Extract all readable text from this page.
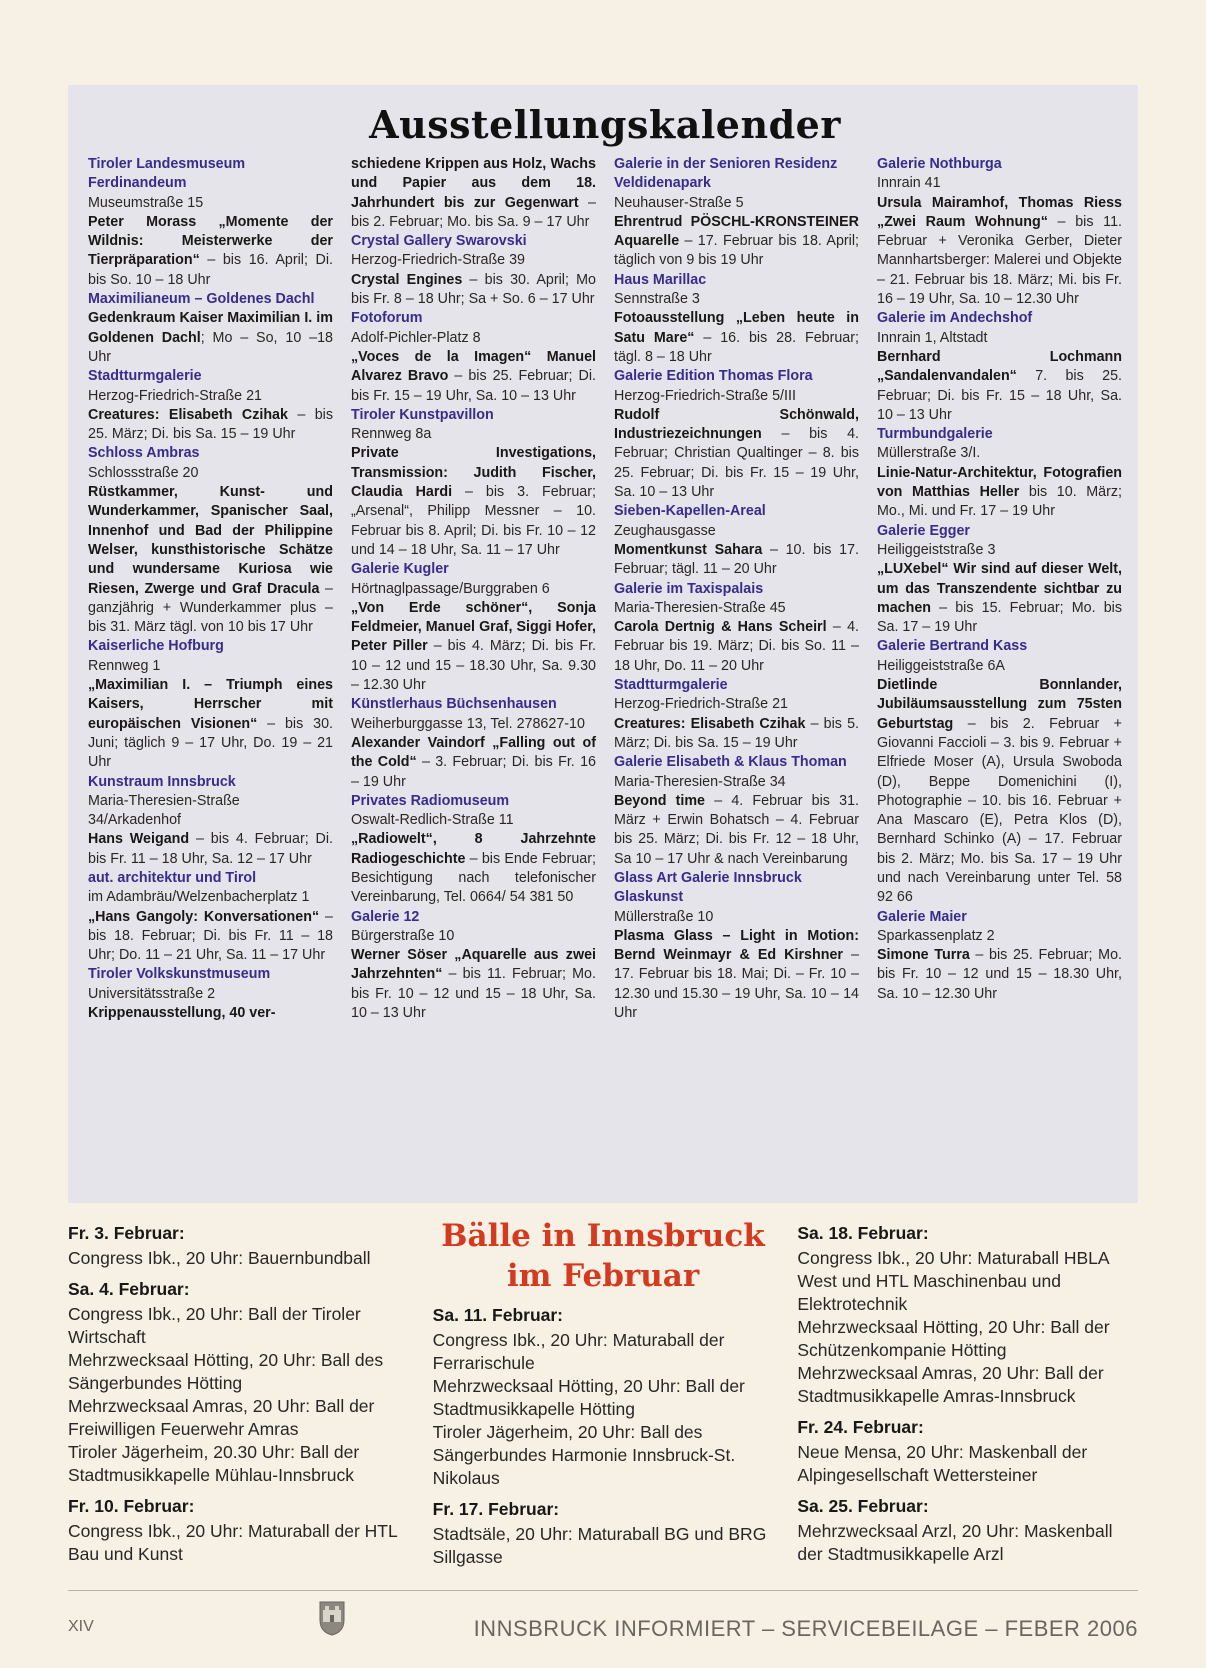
Ausstellungskalender
Tiroler Landesmuseum Ferdinandeum
Museumstraße 15
Peter Morass „Momente der Wildnis: Meisterwerke der Tierpräparation“ – bis 16. April; Di. bis So. 10 – 18 Uhr
Maximilianeum – Goldenes Dachl
Gedenkraum Kaiser Maximilian I. im Goldenen Dachl; Mo – So, 10 –18 Uhr
Stadtturmgalerie
Herzog-Friedrich-Straße 21
Creatures: Elisabeth Czihak – bis 25. März; Di. bis Sa. 15 – 19 Uhr
Schloss Ambras
Schlossstraße 20
Rüstkammer, Kunst- und Wunderkammer, Spanischer Saal, Innenhof und Bad der Philippine Welser, kunsthistorische Schätze und wundersame Kuriosa wie Riesen, Zwerge und Graf Dracula – ganzjährig + Wunderkammer plus – bis 31. März tägl. von 10 bis 17 Uhr
Kaiserliche Hofburg
Rennweg 1
„Maximilian I. – Triumph eines Kaisers, Herrscher mit europäischen Visionen“ – bis 30. Juni; täglich 9 – 17 Uhr, Do. 19 – 21 Uhr
Kunstraum Innsbruck
Maria-Theresien-Straße 34/Arkadenhof
Hans Weigand – bis 4. Februar; Di. bis Fr. 11 – 18 Uhr, Sa. 12 – 17 Uhr
aut. architektur und Tirol
im Adambräu/Welzenbacherplatz 1
„Hans Gangoly: Konversationen“ – bis 18. Februar; Di. bis Fr. 11 – 18 Uhr; Do. 11 – 21 Uhr, Sa. 11 – 17 Uhr
Tiroler Volkskunstmuseum
Universitätsstraße 2
Krippenausstellung, 40 ver-
schiedene Krippen aus Holz, Wachs und Papier aus dem 18. Jahrhundert bis zur Gegenwart – bis 2. Februar; Mo. bis Sa. 9 – 17 Uhr
Crystal Gallery Swarovski
Herzog-Friedrich-Straße 39
Crystal Engines – bis 30. April; Mo bis Fr. 8 – 18 Uhr; Sa + So. 6 – 17 Uhr
Fotoforum
Adolf-Pichler-Platz 8
„Voces de la Imagen“ Manuel Alvarez Bravo – bis 25. Februar; Di. bis Fr. 15 – 19 Uhr, Sa. 10 – 13 Uhr
Tiroler Kunstpavillon
Rennweg 8a
Private Investigations, Transmission: Judith Fischer, Claudia Hardi – bis 3. Februar; „Arsenal“, Philipp Messner – 10. Februar bis 8. April; Di. bis Fr. 10 – 12 und 14 – 18 Uhr, Sa. 11 – 17 Uhr
Galerie Kugler
Hörtnaglpassage/Burggraben 6
„Von Erde schöner“, Sonja Feldmeier, Manuel Graf, Siggi Hofer, Peter Piller – bis 4. März; Di. bis Fr. 10 – 12 und 15 – 18.30 Uhr, Sa. 9.30 – 12.30 Uhr
Künstlerhaus Büchsenhausen
Weiherburggasse 13, Tel. 278627-10
Alexander Vaindorf „Falling out of the Cold“ – 3. Februar; Di. bis Fr. 16 – 19 Uhr
Privates Radiomuseum
Oswalt-Redlich-Straße 11
„Radiowelt“, 8 Jahrzehnte Radiogeschichte – bis Ende Februar; Besichtigung nach telefonischer Vereinbarung, Tel. 0664/ 54 381 50
Galerie 12
Bürgerstraße 10
Werner Söser „Aquarelle aus zwei Jahrzehnten“ – bis 11. Februar; Mo. bis Fr. 10 – 12 und 15 – 18 Uhr, Sa. 10 – 13 Uhr
Galerie in der Senioren Residenz Veldidenapark
Neuhauser-Straße 5
Ehrentrud PÖSCHL-KRONSTEINER Aquarelle – 17. Februar bis 18. April; täglich von 9 bis 19 Uhr
Haus Marillac
Sennstraße 3
Fotoausstellung „Leben heute in Satu Mare“ – 16. bis 28. Februar; tägl. 8 – 18 Uhr
Galerie Edition Thomas Flora
Herzog-Friedrich-Straße 5/III
Rudolf Schönwald, Industriezeichnungen – bis 4. Februar; Christian Qualtinger – 8. bis 25. Februar; Di. bis Fr. 15 – 19 Uhr, Sa. 10 – 13 Uhr
Sieben-Kapellen-Areal
Zeughausgasse
Momentkunst Sahara – 10. bis 17. Februar; tägl. 11 – 20 Uhr
Galerie im Taxispalais
Maria-Theresien-Straße 45
Carola Dertnig & Hans Scheirl – 4. Februar bis 19. März; Di. bis So. 11 – 18 Uhr, Do. 11 – 20 Uhr
Stadtturmgalerie
Herzog-Friedrich-Straße 21
Creatures: Elisabeth Czihak – bis 5. März; Di. bis Sa. 15 – 19 Uhr
Galerie Elisabeth & Klaus Thoman
Maria-Theresien-Straße 34
Beyond time – 4. Februar bis 31. März + Erwin Bohatsch – 4. Februar bis 25. März; Di. bis Fr. 12 – 18 Uhr, Sa 10 – 17 Uhr & nach Vereinbarung
Glass Art Galerie Innsbruck Glaskunst
Müllerstraße 10
Plasma Glass – Light in Motion: Bernd Weinmayr & Ed Kirshner – 17. Februar bis 18. Mai; Di. – Fr. 10 – 12.30 und 15.30 – 19 Uhr, Sa. 10 – 14 Uhr
Galerie Nothburga
Innrain 41
Ursula Mairamhof, Thomas Riess „Zwei Raum Wohnung“ – bis 11. Februar + Veronika Gerber, Dieter Mannhartsberger: Malerei und Objekte – 21. Februar bis 18. März; Mi. bis Fr. 16 – 19 Uhr, Sa. 10 – 12.30 Uhr
Galerie im Andechshof
Innrain 1, Altstadt
Bernhard Lochmann „Sandalenvandalen“ 7. bis 25. Februar; Di. bis Fr. 15 – 18 Uhr, Sa. 10 – 13 Uhr
Turmbundgalerie
Müllerstraße 3/I.
Linie-Natur-Architektur, Fotografien von Matthias Heller bis 10. März; Mo., Mi. und Fr. 17 – 19 Uhr
Galerie Egger
Heiliggeiststraße 3
„LUXebel“ Wir sind auf dieser Welt, um das Transzendente sichtbar zu machen – bis 15. Februar; Mo. bis Sa. 17 – 19 Uhr
Galerie Bertrand Kass
Heiliggeiststraße 6A
Dietlinde Bonnlander, Jubiläumsausstellung zum 75sten Geburtstag – bis 2. Februar + Giovanni Faccioli – 3. bis 9. Februar + Elfriede Moser (A), Ursula Swoboda (D), Beppe Domenichini (I), Photographie – 10. bis 16. Februar + Ana Mascaro (E), Petra Klos (D), Bernhard Schinko (A) – 17. Februar bis 2. März; Mo. bis Sa. 17 – 19 Uhr und nach Vereinbarung unter Tel. 58 92 66
Galerie Maier
Sparkassenplatz 2
Simone Turra – bis 25. Februar; Mo. bis Fr. 10 – 12 und 15 – 18.30 Uhr, Sa. 10 – 12.30 Uhr
Fr. 3. Februar:
Congress Ibk., 20 Uhr: Bauernbundball
Sa. 4. Februar:
Congress Ibk., 20 Uhr: Ball der Tiroler Wirtschaft
Mehrzwecksaal Hötting, 20 Uhr: Ball des Sängerbundes Hötting
Mehrzwecksaal Amras, 20 Uhr: Ball der Freiwilligen Feuerwehr Amras
Tiroler Jägerheim, 20.30 Uhr: Ball der Stadtmusikkapelle Mühlau-Innsbruck
Fr. 10. Februar:
Congress Ibk., 20 Uhr: Maturaball der HTL Bau und Kunst
Bälle in Innsbruck
im Februar
Sa. 11. Februar:
Congress Ibk., 20 Uhr: Maturaball der Ferrarischule
Mehrzwecksaal Hötting, 20 Uhr: Ball der Stadtmusikkapelle Hötting
Tiroler Jägerheim, 20 Uhr: Ball des Sängerbundes Harmonie Innsbruck-St. Nikolaus
Fr. 17. Februar:
Stadtsäle, 20 Uhr: Maturaball BG und BRG Sillgasse
Sa. 18. Februar:
Congress Ibk., 20 Uhr: Maturaball HBLA West und HTL Maschinenbau und Elektrotechnik
Mehrzwecksaal Hötting, 20 Uhr: Ball der Schützenkompanie Hötting
Mehrzwecksaal Amras, 20 Uhr: Ball der Stadtmusikkapelle Amras-Innsbruck
Fr. 24. Februar:
Neue Mensa, 20 Uhr: Maskenball der Alpingesellschaft Wettersteiner
Sa. 25. Februar:
Mehrzwecksaal Arzl, 20 Uhr: Maskenball der Stadtmusikkapelle Arzl
XIV	INNSBRUCK INFORMIERT – SERVICEBEILAGE – FEBER 2006
